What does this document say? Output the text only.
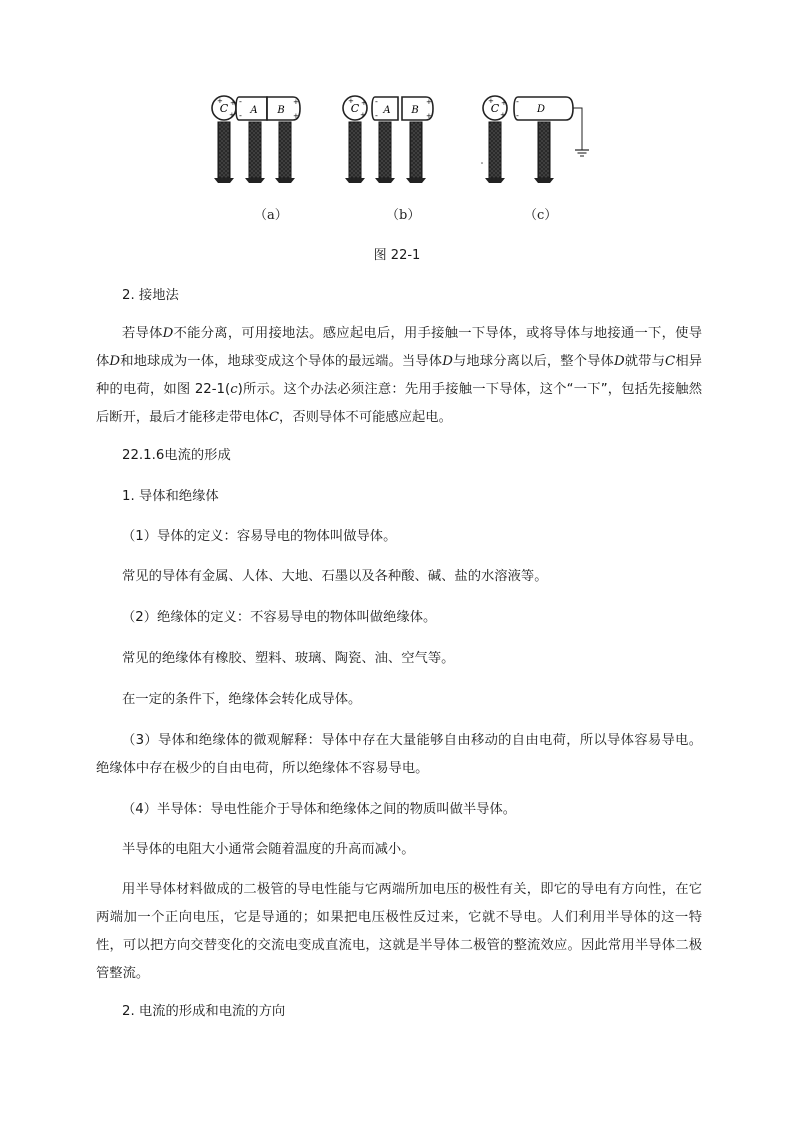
C
+ +
+ A B
-
-
+
+
C
+ +
+ A B
-
-
+
+
C
+ +
+	D
-
-
（a）	（b）	（c）
图 22-1
2. 接地法
若导体D不能分离，可用接地法。感应起电后，用手接触一下导体，或将导体与地接通一下，使导体D和地球成为一体，地球变成这个导体的最远端。当导体D与地球分离以后，整个导体D就带与C相异种的电荷，如图 22-1(c)所示。这个办法必须注意：先用手接触一下导体，这个“一下”，包括先接触然后断开，最后才能移走带电体C，否则导体不可能感应起电。
22.1.6电流的形成
1. 导体和绝缘体
（1）导体的定义：容易导电的物体叫做导体。
常见的导体有金属、人体、大地、石墨以及各种酸、碱、盐的水溶液等。
（2）绝缘体的定义：不容易导电的物体叫做绝缘体。
常见的绝缘体有橡胶、塑料、玻璃、陶瓷、油、空气等。
在一定的条件下，绝缘体会转化成导体。
（3）导体和绝缘体的微观解释：导体中存在大量能够自由移动的自由电荷，所以导体容易导电。绝缘体中存在极少的自由电荷，所以绝缘体不容易导电。
（4）半导体：导电性能介于导体和绝缘体之间的物质叫做半导体。
半导体的电阻大小通常会随着温度的升高而减小。
用半导体材料做成的二极管的导电性能与它两端所加电压的极性有关，即它的导电有方向性，在它两端加一个正向电压，它是导通的；如果把电压极性反过来，它就不导电。人们利用半导体的这一特性，可以把方向交替变化的交流电变成直流电，这就是半导体二极管的整流效应。因此常用半导体二极管整流。
2. 电流的形成和电流的方向
